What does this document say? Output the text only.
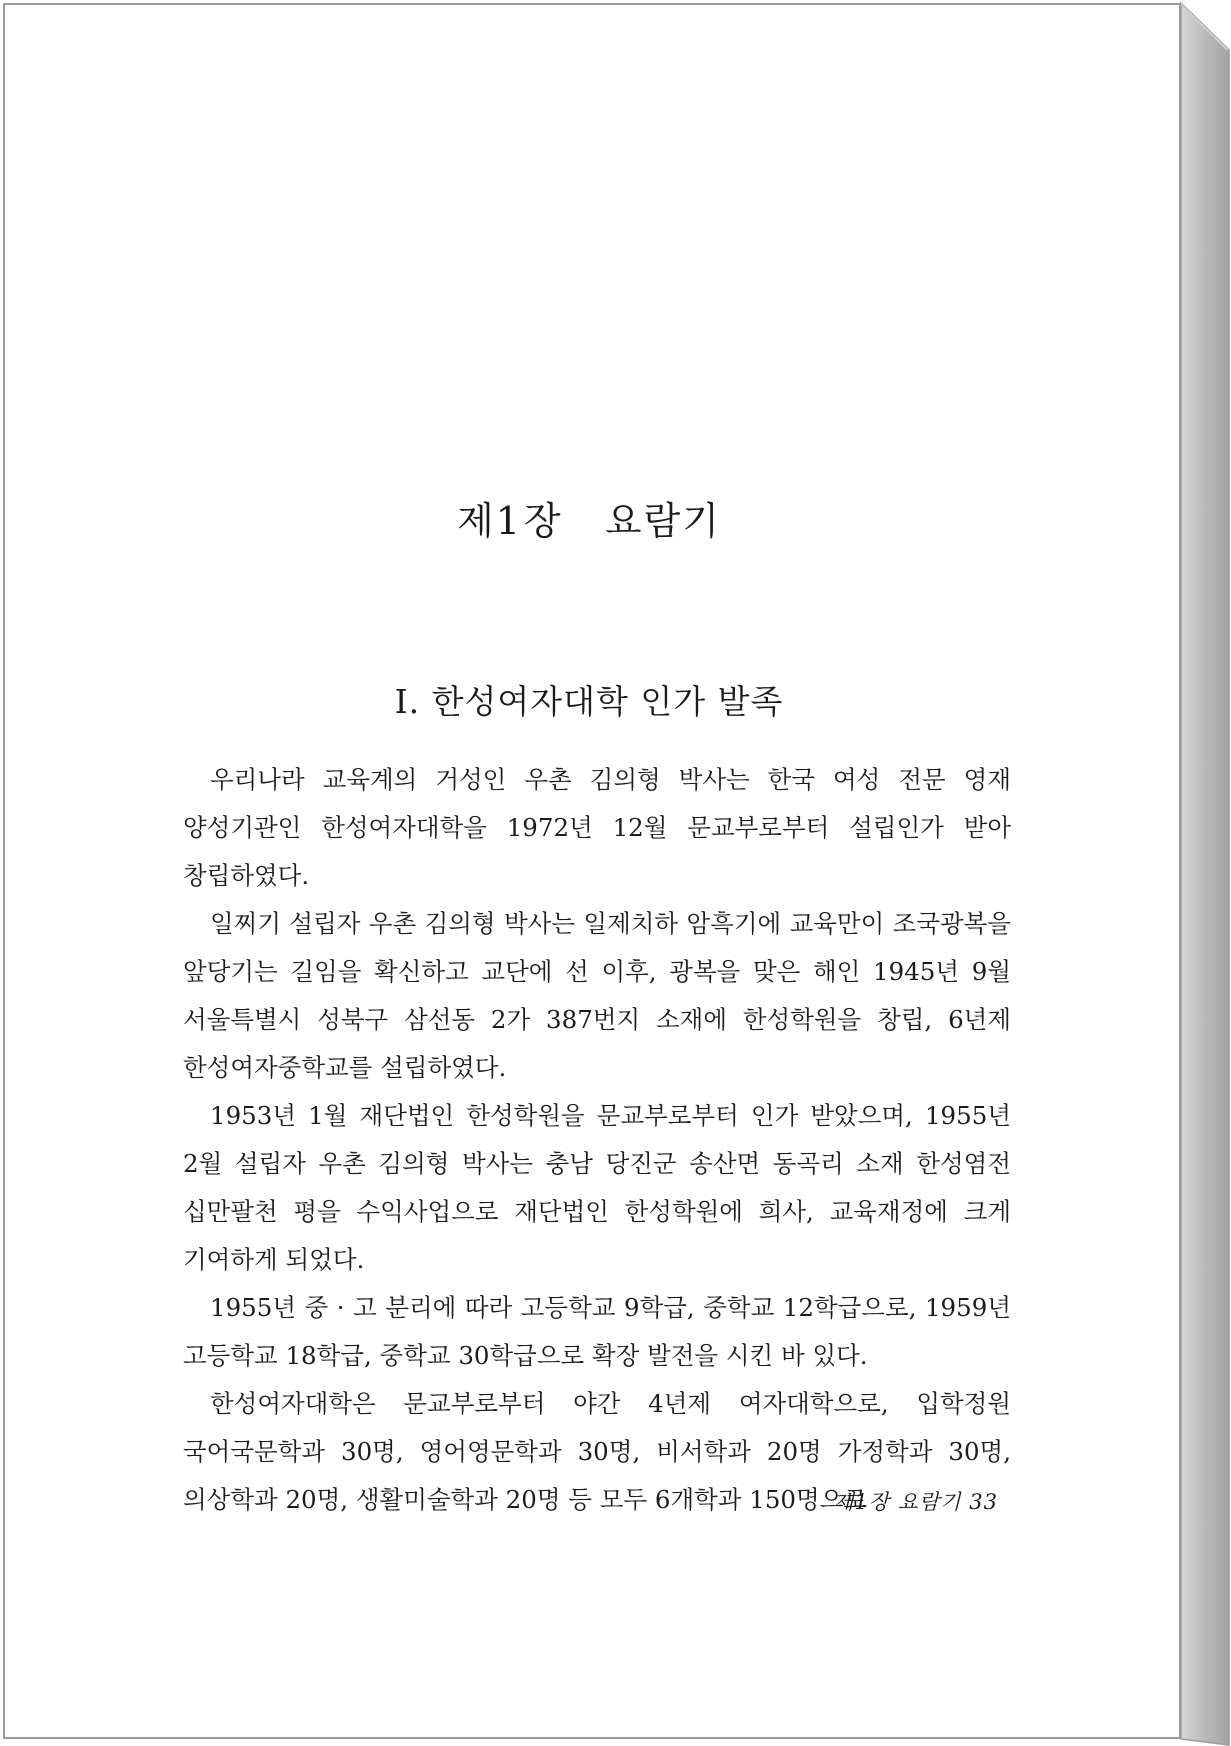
제1장 요람기
Ⅰ. 한성여자대학 인가 발족

우리나라 교육계의 거성인 우촌 김의형 박사는 한국 여성 전문 영재 양성기관인 한성여자대학을 1972년 12월 문교부로부터 설립인가 받아 창립하였다.

일찌기 설립자 우촌 김의형 박사는 일제치하 암흑기에 교육만이 조국광복을 앞당기는 길임을 확신하고 교단에 선 이후, 광복을 맞은 해인 1945년 9월 서울특별시 성북구 삼선동 2가 387번지 소재에 한성학원을 창립, 6년제 한성여자중학교를 설립하였다.

1953년 1월 재단법인 한성학원을 문교부로부터 인가 받았으며, 1955년 2월 설립자 우촌 김의형 박사는 충남 당진군 송산면 동곡리 소재 한성염전 십만팔천 평을 수익사업으로 재단법인 한성학원에 희사, 교육재정에 크게 기여하게 되었다.

1955년 중 · 고 분리에 따라 고등학교 9학급, 중학교 12학급으로, 1959년 고등학교 18학급, 중학교 30학급으로 확장 발전을 시킨 바 있다.

한성여자대학은 문교부로부터 야간 4년제 여자대학으로, 입학정원 국어국문학과 30명, 영어영문학과 30명, 비서학과 20명 가정학과 30명, 의상학과 20명, 생활미술학과 20명 등 모두 6개학과 150명으로

제1장 요람기 33
